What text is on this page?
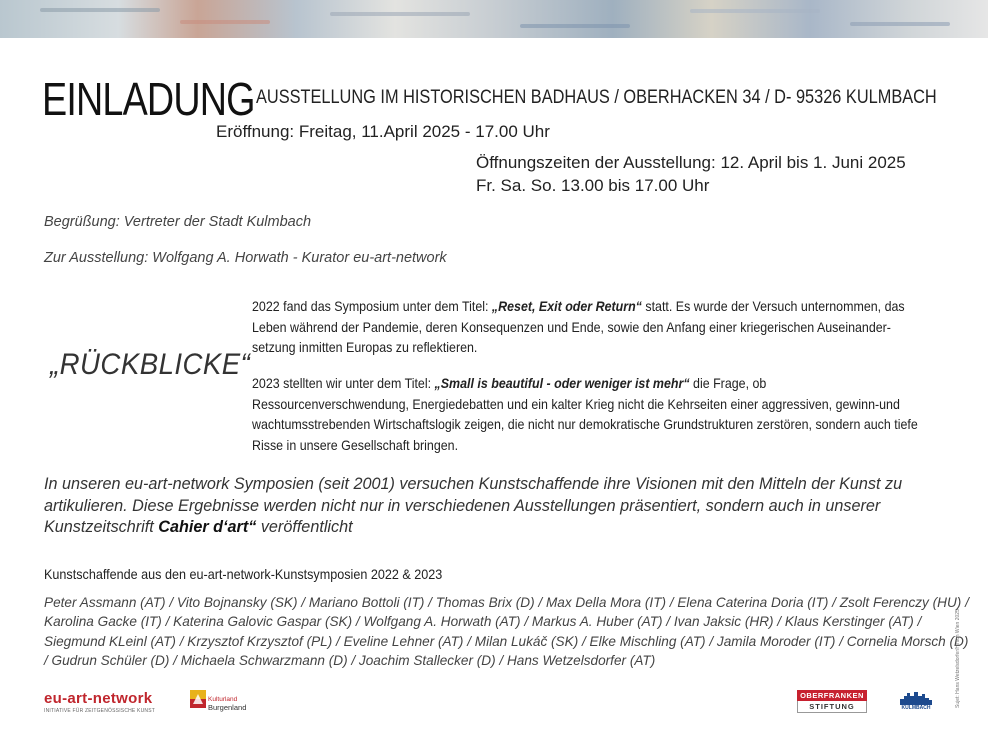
EINLADUNG AUSSTELLUNG IM HISTORISCHEN BADHAUS / OBERHACKEN 34 / D- 95326 KULMBACH
Eröffnung: Freitag, 11.April 2025 - 17.00 Uhr
Öffnungszeiten der Ausstellung: 12. April bis 1. Juni 2025
Fr. Sa. So. 13.00 bis 17.00 Uhr
Begrüßung: Vertreter der Stadt Kulmbach
Zur Ausstellung: Wolfgang A. Horwath - Kurator eu-art-network
„RÜCKBLICKE“
2022 fand das Symposium unter dem Titel: „Reset, Exit oder Return“ statt. Es wurde der Versuch unternommen, das Leben während der Pandemie, deren Konsequenzen und Ende, sowie den Anfang einer kriegerischen Auseinander-setzung inmitten Europas zu reflektieren.
2023 stellten wir unter dem Titel: „Small is beautiful - oder weniger ist mehr“ die Frage, ob Ressourcenverschwendung, Energiedebatten und ein kalter Krieg nicht die Kehrseiten einer aggressiven, gewinn-und wachtumsstrebenden Wirtschaftslogik zeigen, die nicht nur demokratische Grundstrukturen zerstören, sondern auch tiefe Risse in unsere Gesellschaft bringen.
In unseren eu-art-network Symposien (seit 2001) versuchen Kunstschaffende ihre Visionen mit den Mitteln der Kunst zu artikulieren. Diese Ergebnisse werden nicht nur in verschiedenen Ausstellungen präsentiert, sondern auch in unserer Kunstzeitschrift Cahier d‘art“ veröffentlicht
Kunstschaffende aus den eu-art-network-Kunstsymposien 2022 & 2023
Peter Assmann (AT) / Vito Bojnansky (SK) / Mariano Bottoli (IT) / Thomas Brix (D) / Max Della Mora (IT) / Elena Caterina Doria (IT) / Zsolt Ferenczy (HU) / Karolina Gacke (IT) / Katerina Galovic Gaspar (SK) / Wolfgang A. Horwath (AT) / Markus A. Huber (AT) / Ivan Jaksic (HR) / Klaus Kerstinger (AT) / Siegmund KLeinl (AT) / Krzysztof Krzysztof (PL) / Eveline Lehner (AT) / Milan Lukáč (SK) / Elke Mischling (AT) / Jamila Moroder (IT) / Cornelia Morsch (D) / Gudrun Schüler (D) / Michaela Schwarzmann (D) / Joachim Stallecker (D) / Hans Wetzelsdorfer (AT)	Sujet: Hans Wetzelsdorfer/Hirsch Wien 2025
eu-art-network
INITIATIVE FÜR ZEITGENÖSSISCHE KUNST
Kulturland
Burgenland
OBERFRANKEN
STIFTUNG	KULMBACH
